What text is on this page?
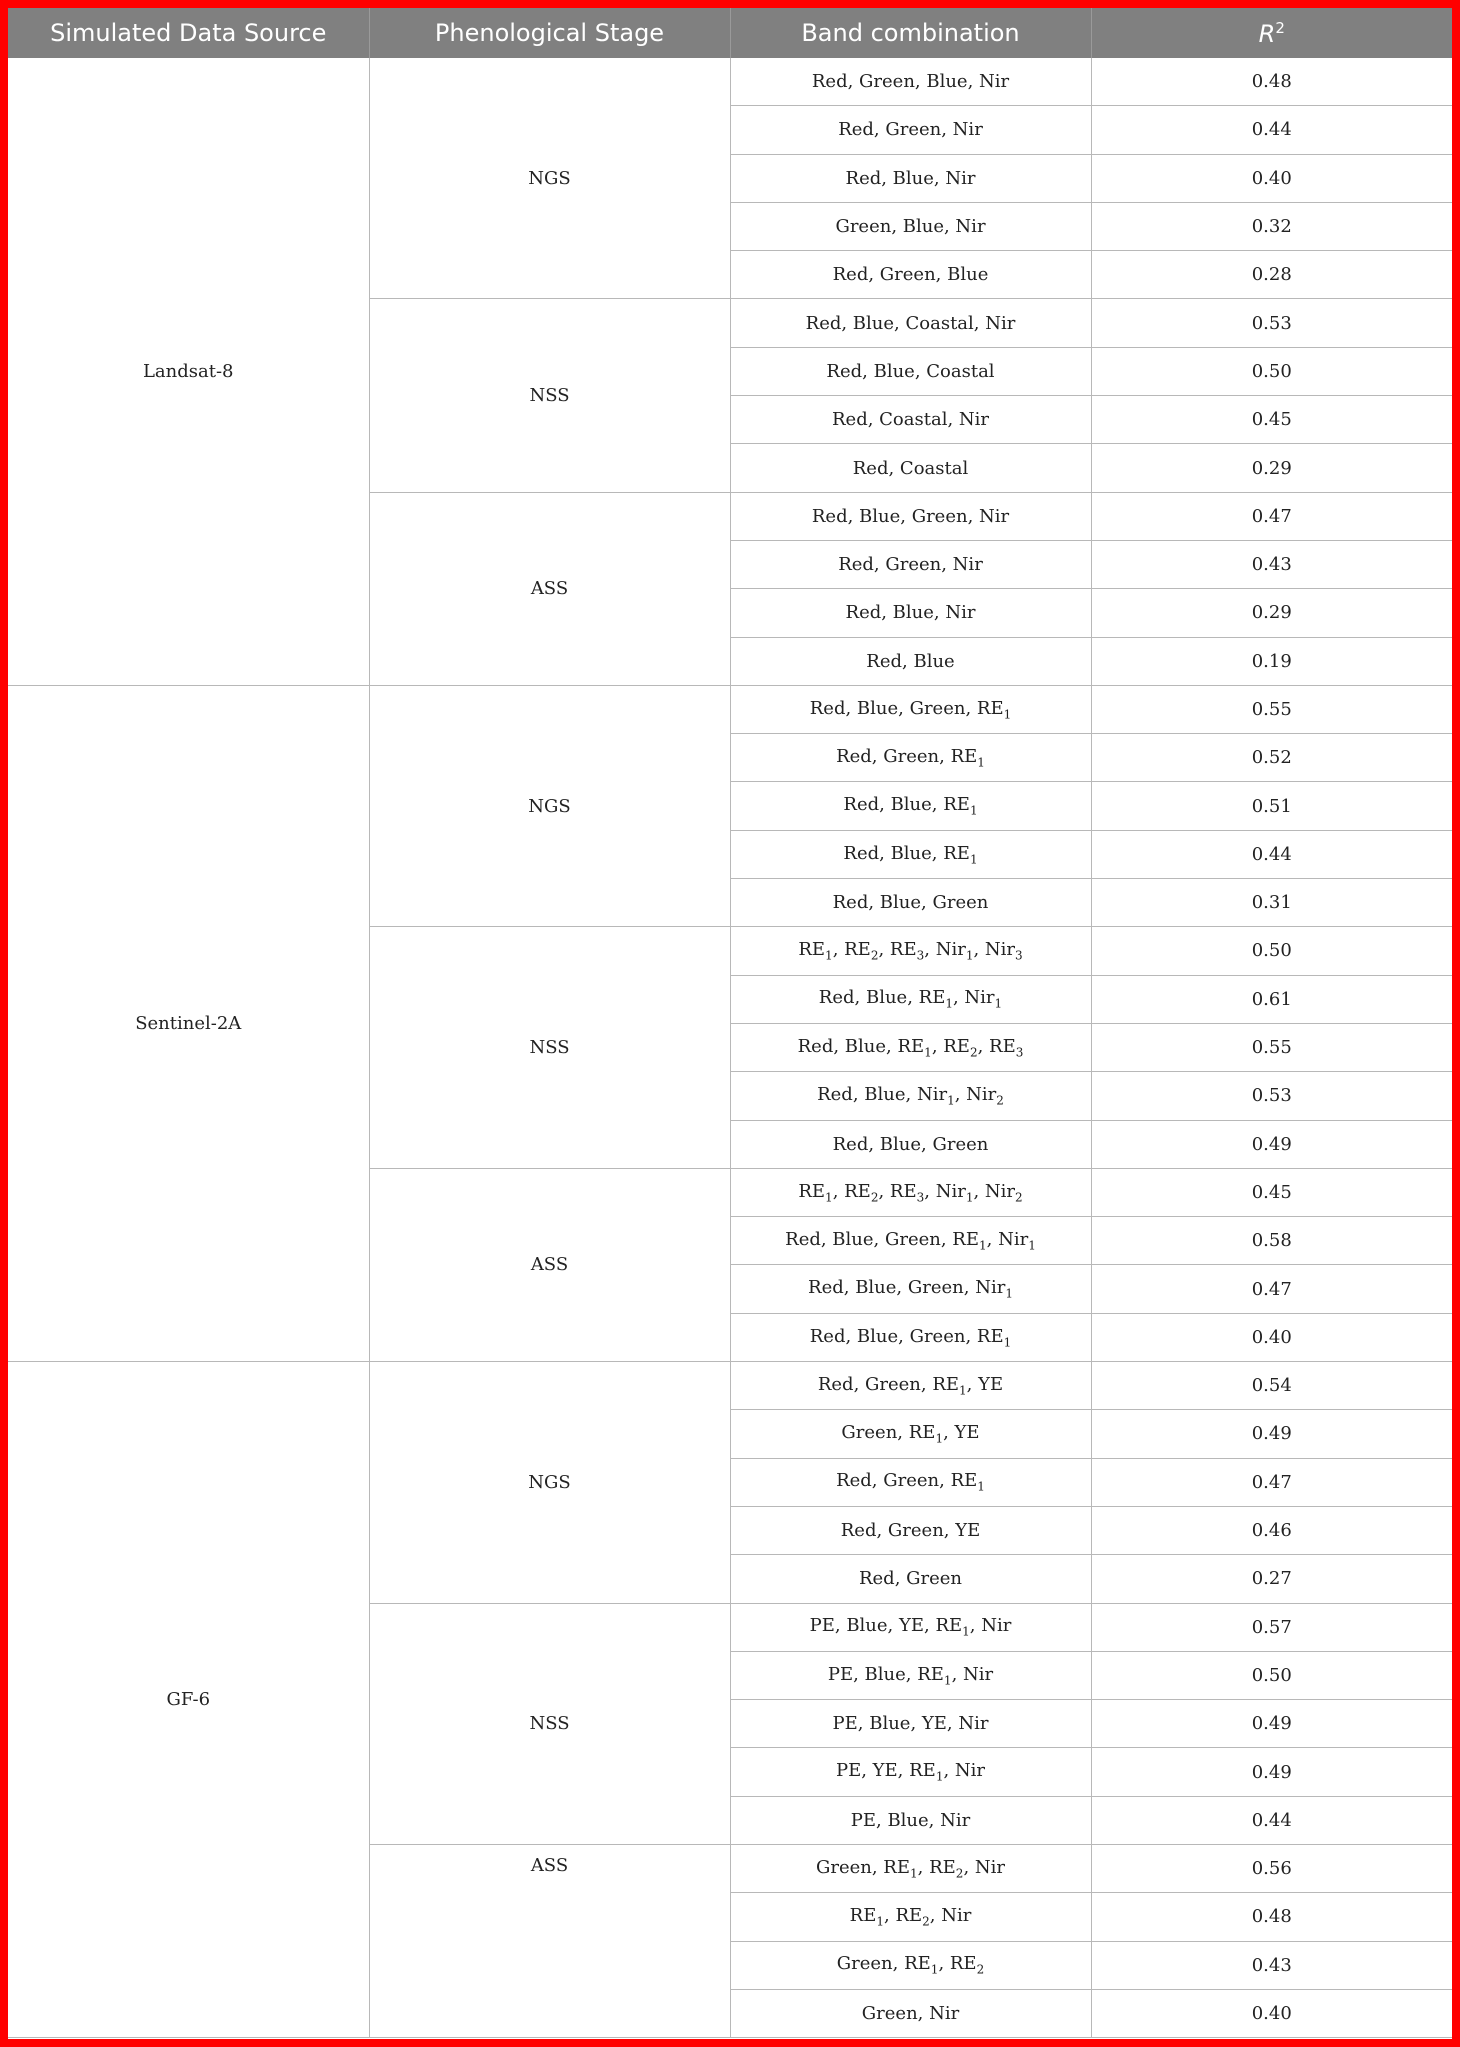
Simulated Data Source	Phenological Stage	Band combination	$R^2$
Landsat-8	NGS	Red, Green, Blue, Nir	0.48
		Red, Green, Nir	0.44
		Red, Blue, Nir	0.40
		Green, Blue, Nir	0.32
		Red, Green, Blue	0.28
	NSS	Red, Blue, Coastal, Nir	0.53
		Red, Blue, Coastal	0.50
		Red, Coastal, Nir	0.45
		Red, Coastal	0.29
	ASS	Red, Blue, Green, Nir	0.47
		Red, Green, Nir	0.43
		Red, Blue, Nir	0.29
		Red, Blue	0.19
Sentinel-2A	NGS	Red, Blue, Green, $RE_1$	0.55
		Red, Green, $RE_1$	0.52
		Red, Blue, $RE_1$	0.51
		Red, Blue, $RE_1$	0.44
		Red, Blue, Green	0.31
	NSS	$RE_1$, $RE_2$, $RE_3$, Nir$_1$, Nir$_3$	0.50
		Red, Blue, $RE_1$, Nir$_1$	0.61
		Red, Blue, $RE_1$, $RE_2$, $RE_3$	0.55
		Red, Blue, Nir$_1$, Nir$_2$	0.53
		Red, Blue, Green	0.49
	ASS	$RE_1$, $RE_2$, $RE_3$, Nir$_1$, Nir$_2$	0.45
		Red, Blue, Green, $RE_1$, Nir$_1$	0.58
		Red, Blue, Green, Nir$_1$	0.47
		Red, Blue, Green, $RE_1$	0.40
GF-6	NGS	Red, Green, $RE_1$, YE	0.54
		Green, $RE_1$, YE	0.49
		Red, Green, $RE_1$	0.47
		Red, Green, YE	0.46
		Red, Green	0.27
	NSS	PE, Blue, YE, $RE_1$, Nir	0.57
		PE, Blue, $RE_1$, Nir	0.50
		PE, Blue, YE, Nir	0.49
		PE, YE, $RE_1$, Nir	0.49
		PE, Blue, Nir	0.44
	ASS	Green, $RE_1$, $RE_2$, Nir	0.56
		$RE_1$, $RE_2$, Nir	0.48
		Green, $RE_1$, $RE_2$	0.43
		Green, Nir	0.40
